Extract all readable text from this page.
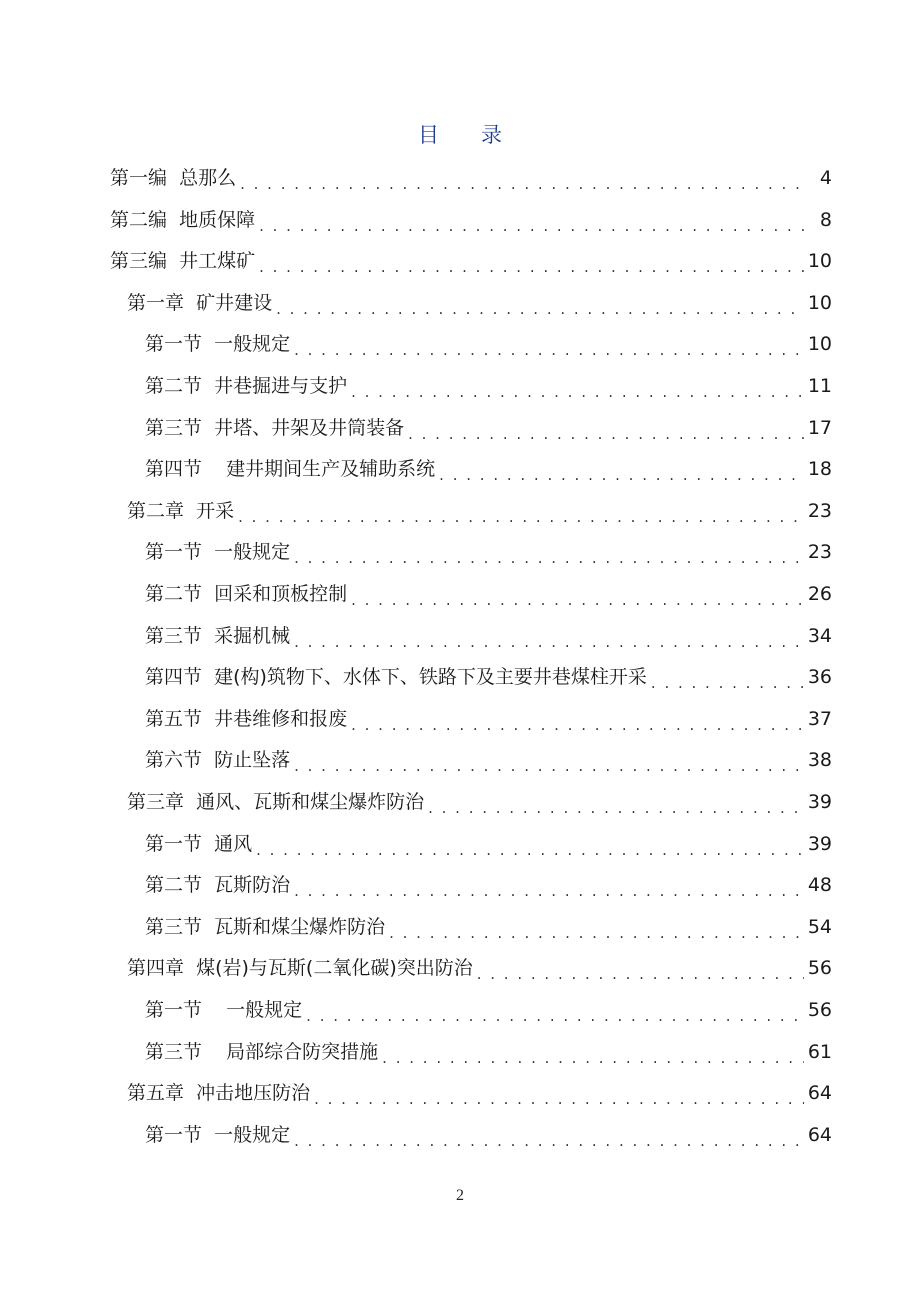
目 录
第一编  总那么 . . .	4
第二编  地质保障 . . .	8
第三编  井工煤矿 . . .	10
第一章  矿井建设 . . .	10
第一节  一般规定 . . .	10
第二节  井巷掘进与支护 . . .	11
第三节  井塔、井架及井筒装备 . . .	17
第四节    建井期间生产及辅助系统 . . .	18
第二章  开采 . . .	23
第一节  一般规定 . . .	23
第二节  回采和顶板控制 . . .	26
第三节  采掘机械 . . .	34
第四节  建(构)筑物下、水体下、铁路下及主要井巷煤柱开采 . . .	36
第五节  井巷维修和报废 . . .	37
第六节  防止坠落 . . .	38
第三章  通风、瓦斯和煤尘爆炸防治 . . .	39
第一节  通风 . . .	39
第二节  瓦斯防治 . . .	48
第三节  瓦斯和煤尘爆炸防治 . . .	54
第四章  煤(岩)与瓦斯(二氧化碳)突出防治 . . .	56
第一节    一般规定 . . .	56
第三节    局部综合防突措施 . . .	61
第五章  冲击地压防治 . . .	64
第一节  一般规定 . . .	64
2
